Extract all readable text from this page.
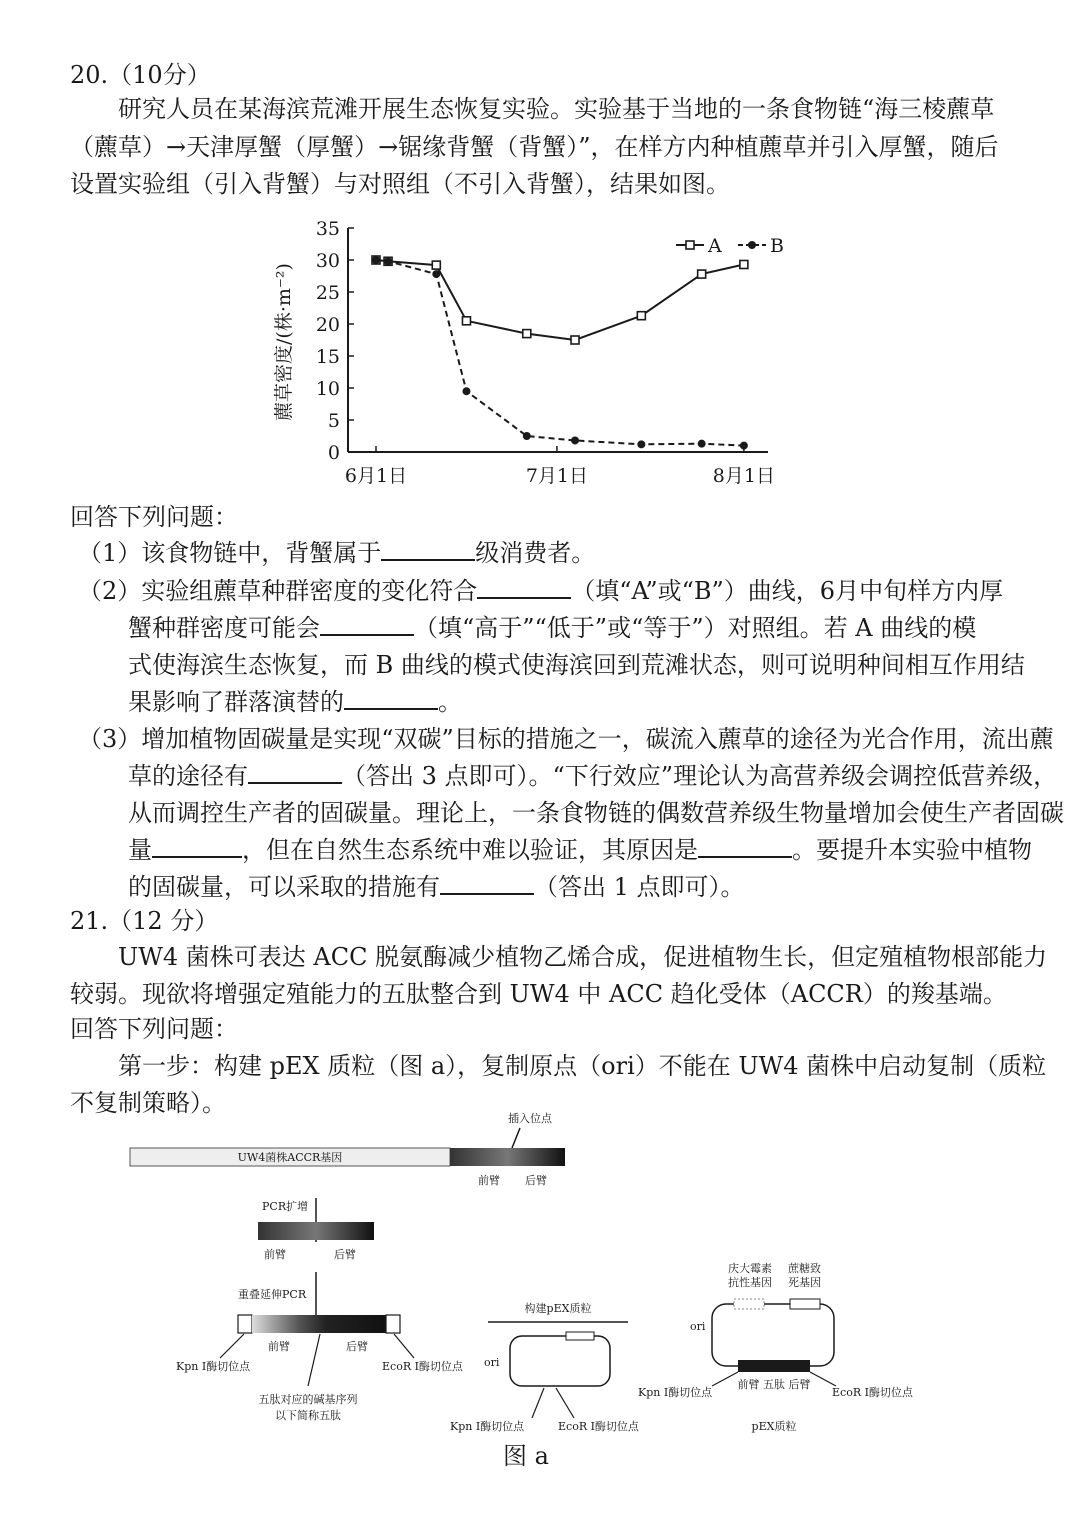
20.（10分）
研究人员在某海滨荒滩开展生态恢复实验。实验基于当地的一条食物链“海三棱藨草
（藨草）→天津厚蟹（厚蟹）→锯缘背蟹（背蟹）”，在样方内种植藨草并引入厚蟹，随后
设置实验组（引入背蟹）与对照组（不引入背蟹），结果如图。
藨草密度/(株·m⁻²)
0
5
10
15
20
25
30
35
6月1日	7月1日	8月1日
A	B
回答下列问题：
（1）该食物链中，背蟹属于	级消费者。
（2）实验组藨草种群密度的变化符合	（填“A”或“B”）曲线，6月中旬样方内厚
蟹种群密度可能会	（填“高于”“低于”或“等于”）对照组。若 A 曲线的模
式使海滨生态恢复，而 B 曲线的模式使海滨回到荒滩状态，则可说明种间相互作用结
果影响了群落演替的	。
（3）增加植物固碳量是实现“双碳”目标的措施之一，碳流入藨草的途径为光合作用，流出藨
草的途径有	（答出 3 点即可）。“下行效应”理论认为高营养级会调控低营养级，
从而调控生产者的固碳量。理论上，一条食物链的偶数营养级生物量增加会使生产者固碳
量	，但在自然生态系统中难以验证，其原因是	。要提升本实验中植物
的固碳量，可以采取的措施有	（答出 1 点即可）。
21.（12 分）
UW4 菌株可表达 ACC 脱氨酶减少植物乙烯合成，促进植物生长，但定殖植物根部能力
较弱。现欲将增强定殖能力的五肽整合到 UW4 中 ACC 趋化受体（ACCR）的羧基端。
回答下列问题：
第一步：构建 pEX 质粒（图 a），复制原点（ori）不能在 UW4 菌株中启动复制（质粒
不复制策略）。
插入位点
UW4菌株ACCR基因
前臂 后臂
PCR扩增
前臂	后臂
重叠延伸PCR
前臂	后臂
Kpn Ⅰ酶切位点	EcoR Ⅰ酶切位点
五肽对应的碱基序列
以下简称五肽
构建pEX质粒
ori
Kpn Ⅰ酶切位点	EcoR Ⅰ酶切位点
庆大霉素
抗性基因
蔗糖致
死基因
ori
前臂 五肽 后臂
Kpn Ⅰ酶切位点	EcoR Ⅰ酶切位点
pEX质粒
图 a
